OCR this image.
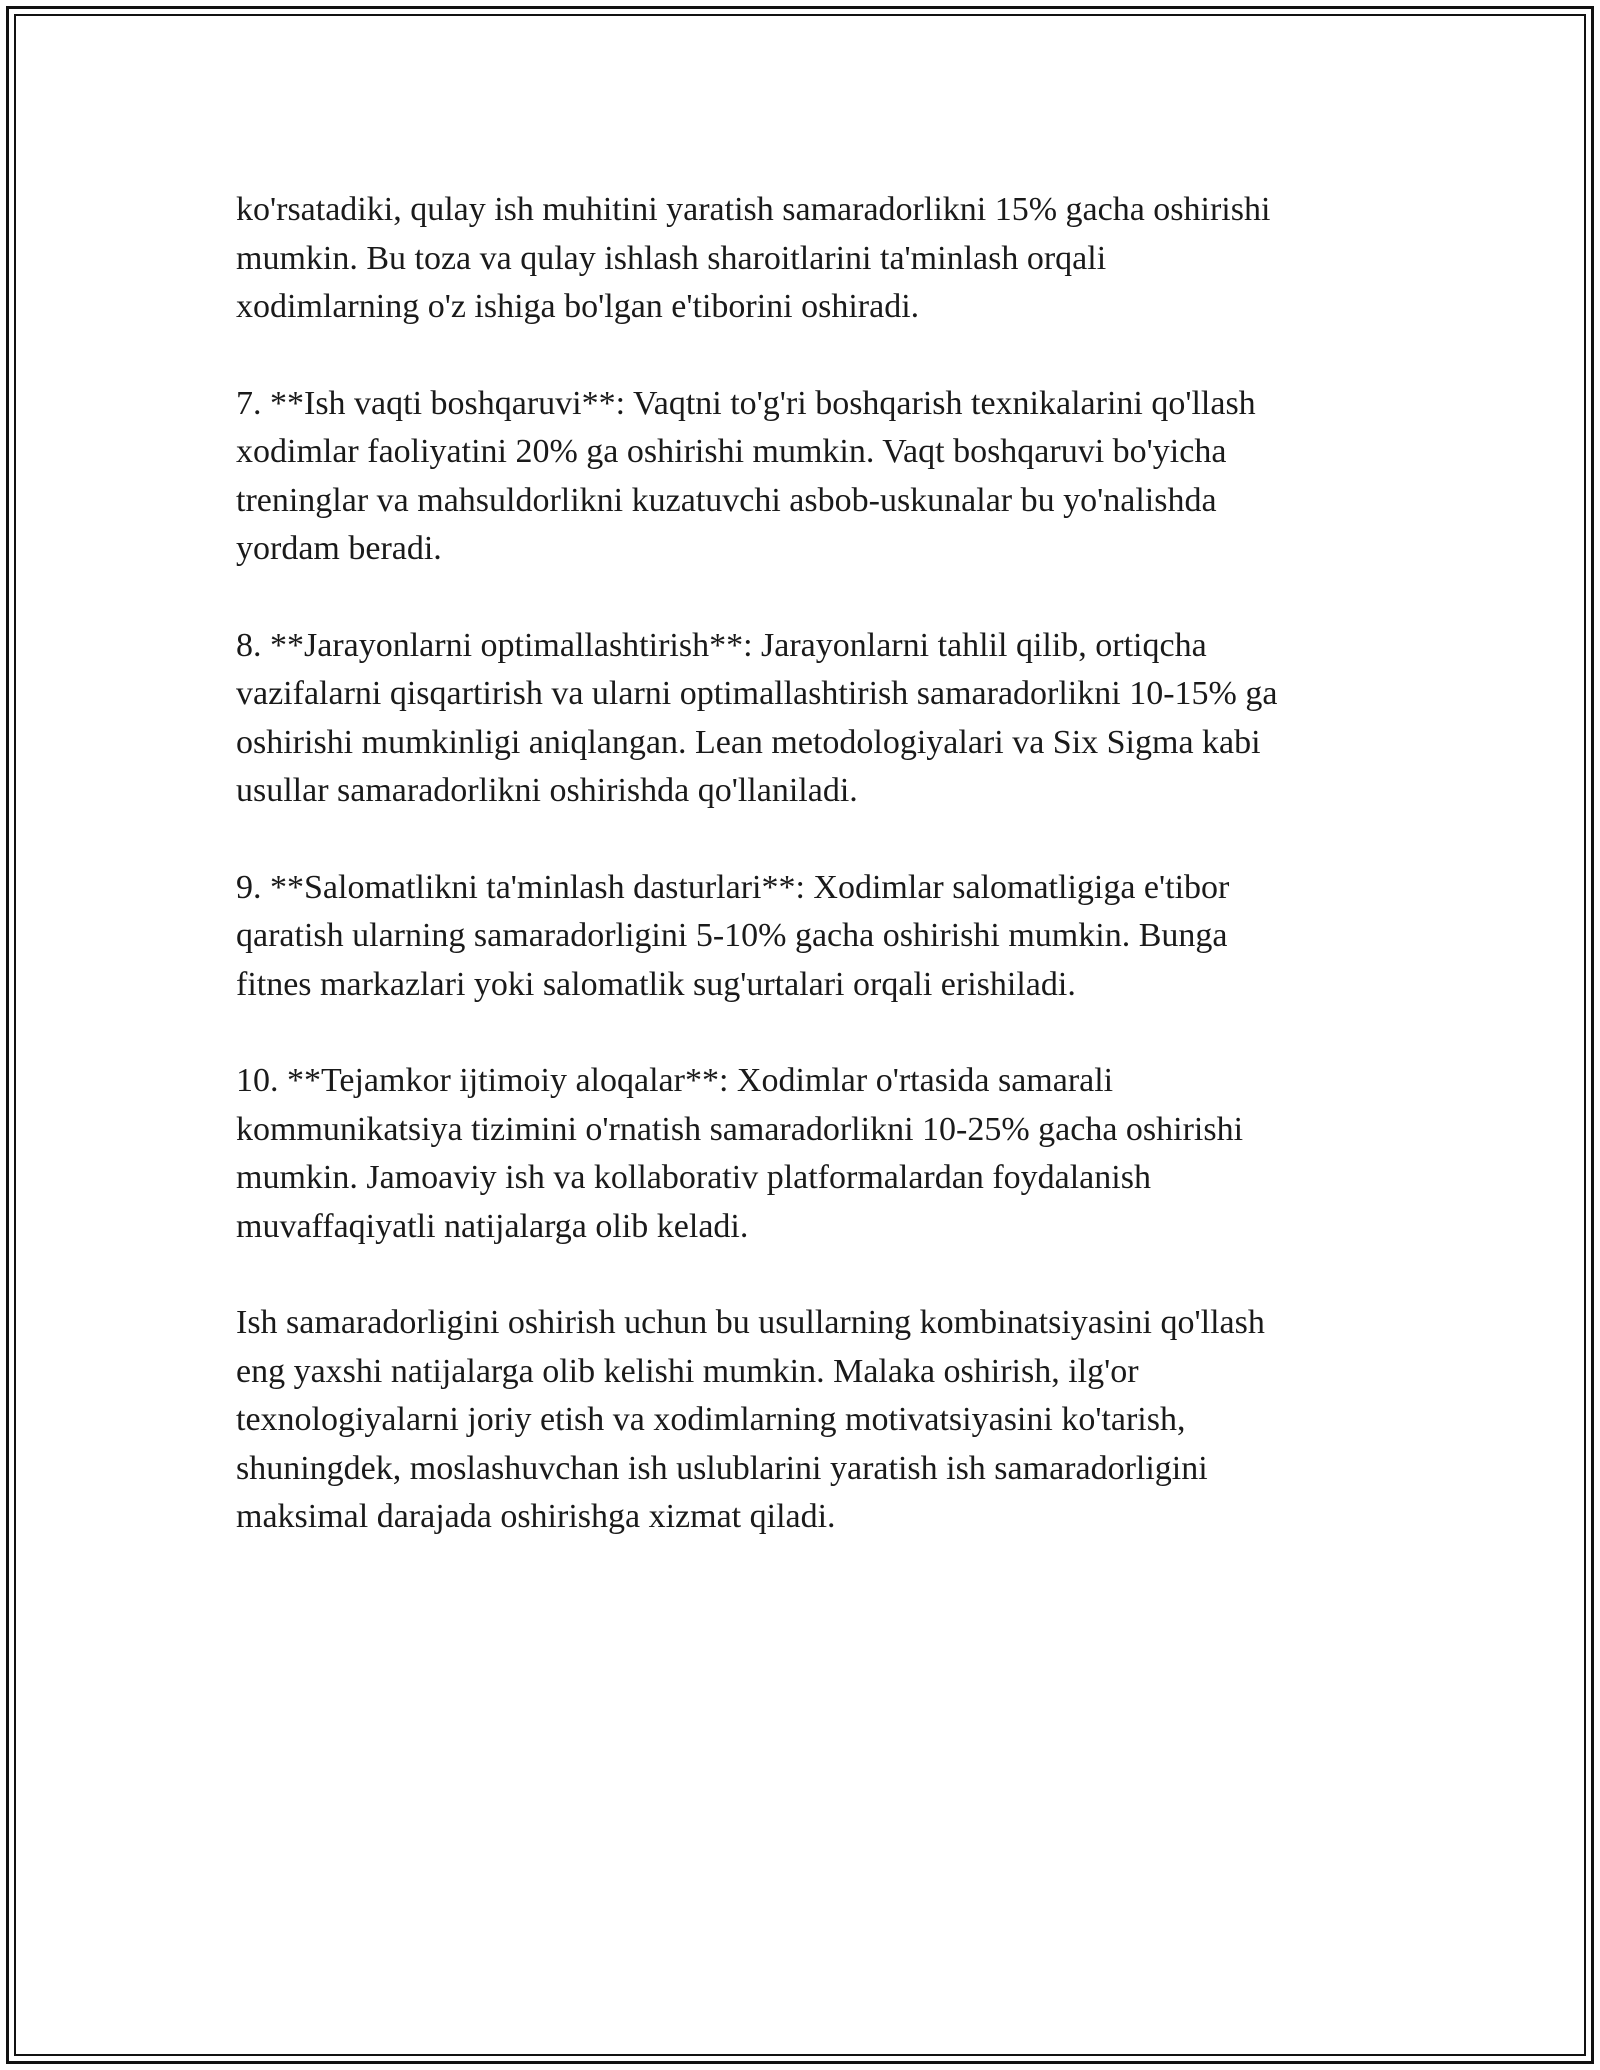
ko'rsatadiki, qulay ish muhitini yaratish samaradorlikni 15% gacha oshirishi
mumkin. Bu toza va qulay ishlash sharoitlarini ta'minlash orqali
xodimlarning o'z ishiga bo'lgan e'tiborini oshiradi.

7. **Ish vaqti boshqaruvi**: Vaqtni to'g'ri boshqarish texnikalarini qo'llash
xodimlar faoliyatini 20% ga oshirishi mumkin. Vaqt boshqaruvi bo'yicha
treninglar va mahsuldorlikni kuzatuvchi asbob-uskunalar bu yo'nalishda
yordam beradi.

8. **Jarayonlarni optimallashtirish**: Jarayonlarni tahlil qilib, ortiqcha
vazifalarni qisqartirish va ularni optimallashtirish samaradorlikni 10-15% ga
oshirishi mumkinligi aniqlangan. Lean metodologiyalari va Six Sigma kabi
usullar samaradorlikni oshirishda qo'llaniladi.

9. **Salomatlikni ta'minlash dasturlari**: Xodimlar salomatligiga e'tibor
qaratish ularning samaradorligini 5-10% gacha oshirishi mumkin. Bunga
fitnes markazlari yoki salomatlik sug'urtalari orqali erishiladi.

10. **Tejamkor ijtimoiy aloqalar**: Xodimlar o'rtasida samarali
kommunikatsiya tizimini o'rnatish samaradorlikni 10-25% gacha oshirishi
mumkin. Jamoaviy ish va kollaborativ platformalardan foydalanish
muvaffaqiyatli natijalarga olib keladi.

Ish samaradorligini oshirish uchun bu usullarning kombinatsiyasini qo'llash
eng yaxshi natijalarga olib kelishi mumkin. Malaka oshirish, ilg'or
texnologiyalarni joriy etish va xodimlarning motivatsiyasini ko'tarish,
shuningdek, moslashuvchan ish uslublarini yaratish ish samaradorligini
maksimal darajada oshirishga xizmat qiladi.
